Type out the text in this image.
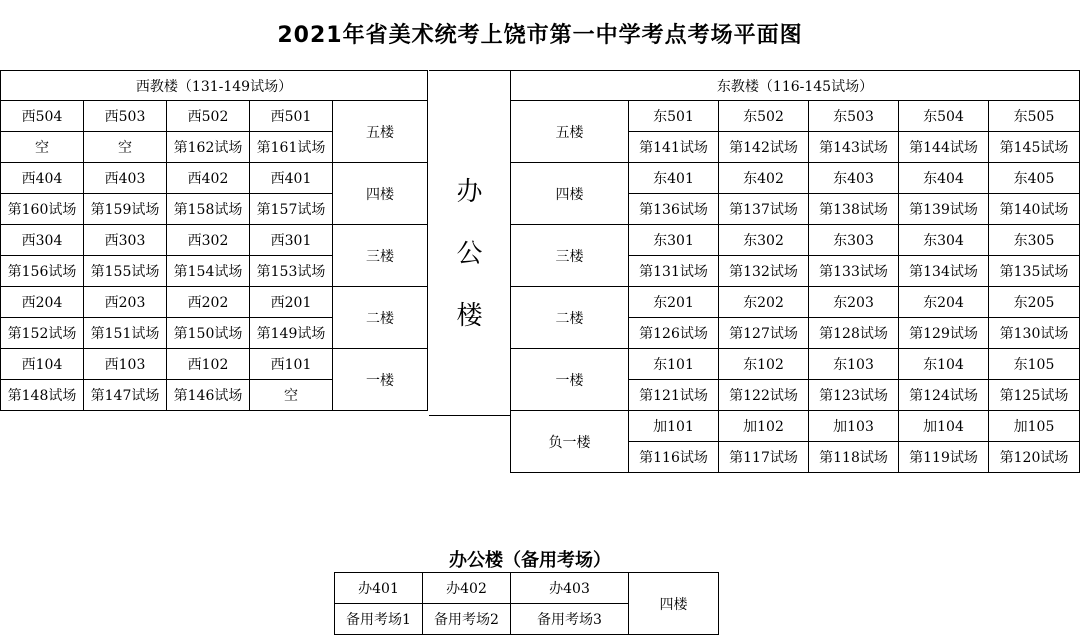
2021年省美术统考上饶市第一中学考点考场平面图
西教楼（131-149试场）				
西504	西503	西502	西501	五楼
空	空	第162试场	第161试场	
西404	西403	西402	西401	四楼
第160试场	第159试场	第158试场	第157试场	
西304	西303	西302	西301	三楼
第156试场	第155试场	第154试场	第153试场	
西204	西203	西202	西201	二楼
第152试场	第151试场	第150试场	第149试场	
西104	西103	西102	西101	一楼
第148试场	第147试场	第146试场	空	
办
公
楼
东教楼（116-145试场）					
五楼	东501	东502	东503	东504	东505
	第141试场	第142试场	第143试场	第144试场	第145试场
四楼	东401	东402	东403	东404	东405
	第136试场	第137试场	第138试场	第139试场	第140试场
三楼	东301	东302	东303	东304	东305
	第131试场	第132试场	第133试场	第134试场	第135试场
二楼	东201	东202	东203	东204	东205
	第126试场	第127试场	第128试场	第129试场	第130试场
一楼	东101	东102	东103	东104	东105
	第121试场	第122试场	第123试场	第124试场	第125试场
负一楼	加101	加102	加103	加104	加105
	第116试场	第117试场	第118试场	第119试场	第120试场
办公楼（备用考场）
办401	办402	办403	四楼
备用考场1	备用考场2	备用考场3	
